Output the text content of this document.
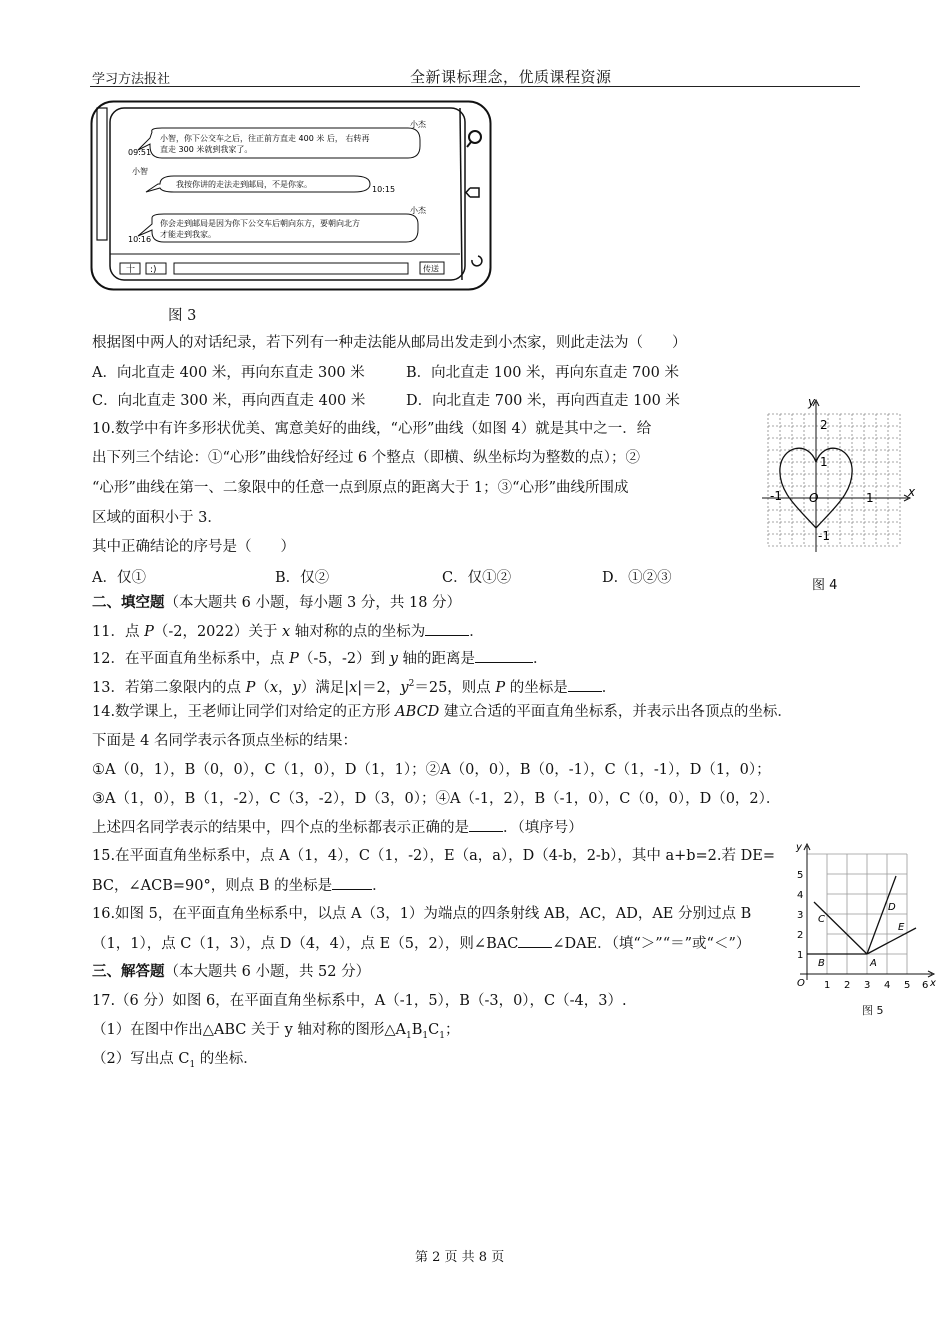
学习方法报社	全新课标理念，优质课程资源
小杰
小智，你下公交车之后，往正前方直走 400 米 后， 右转再
直走 300 米就到我家了。
09:51
小智
我按你讲的走法走到邮局，不是你家。
10:15
小杰
你会走到邮局是因为你下公交车后朝向东方，要朝向北方
才能走到我家。
10:16
十 :)	传送
图 3
根据图中两人的对话纪录，若下列有一种走法能从邮局出发走到小杰家，则此走法为（　　）
A．向北直走 400 米，再向东直走 300 米	B．向北直走 100 米，再向东直走 700 米
C．向北直走 300 米，再向西直走 400 米	D．向北直走 700 米，再向西直走 100 米
10.数学中有许多形状优美、寓意美好的曲线，“心形”曲线（如图 4）就是其中之一．给
出下列三个结论：①“心形”曲线恰好经过 6 个整点（即横、纵坐标均为整数的点）；②
“心形”曲线在第一、二象限中的任意一点到原点的距离大于 1；③“心形”曲线所围成
区域的面积小于 3．
其中正确结论的序号是（　　）
A．仅①	B．仅②	C．仅①②	D．①②③
y
x
2
1
-1 O	1
-1
图 4
二、填空题（本大题共 6 小题，每小题 3 分，共 18 分）
11．点 P（-2，2022）关于 x 轴对称的点的坐标为	．
12．在平面直角坐标系中，点 P（-5，-2）到 y 轴的距离是	．
13．若第二象限内的点 P（x，y）满足|x|＝2，$y^2=25$，则点 P 的坐标是 ．
14.数学课上，王老师让同学们对给定的正方形 ABCD 建立合适的平面直角坐标系，并表示出各顶点的坐标．
下面是 4 名同学表示各顶点坐标的结果：
①A（0，1），B（0，0），C（1，0），D（1，1）；②A（0，0），B（0，-1），C（1，-1），D（1，0）；
③A（1，0），B（1，-2），C（3，-2），D（3，0）；④A（-1，2），B（-1，0），C（0，0），D（0，2）．
上述四名同学表示的结果中，四个点的坐标都表示正确的是 ．（填序号）
15.在平面直角坐标系中，点 A（1，4），C（1，-2），E（a，a），D（4-b，2-b），其中 a+b=2.若 DE=
BC，∠ACB=90°，则点 B 的坐标是	．
16.如图 5，在平面直角坐标系中，以点 A（3，1）为端点的四条射线 AB，AC，AD，AE 分别过点 B
（1，1），点 C（1，3），点 D（4，4），点 E（5，2），则∠BAC ∠DAE．（填“＞”“＝”或“＜”）
y
x
O 1 2 3 4 5 6
1
2
3
4
5
A
B
C
D
E
图 5
三、解答题（本大题共 6 小题，共 52 分）
17.（6 分）如图 6，在平面直角坐标系中，A（-1，5），B（-3，0），C（-4，3）.
（1）在图中作出△ABC 关于 y 轴对称的图形$\triangle A_1B_1C_1$；
（2）写出点 $C_1$ 的坐标．
第 2 页 共 8 页
